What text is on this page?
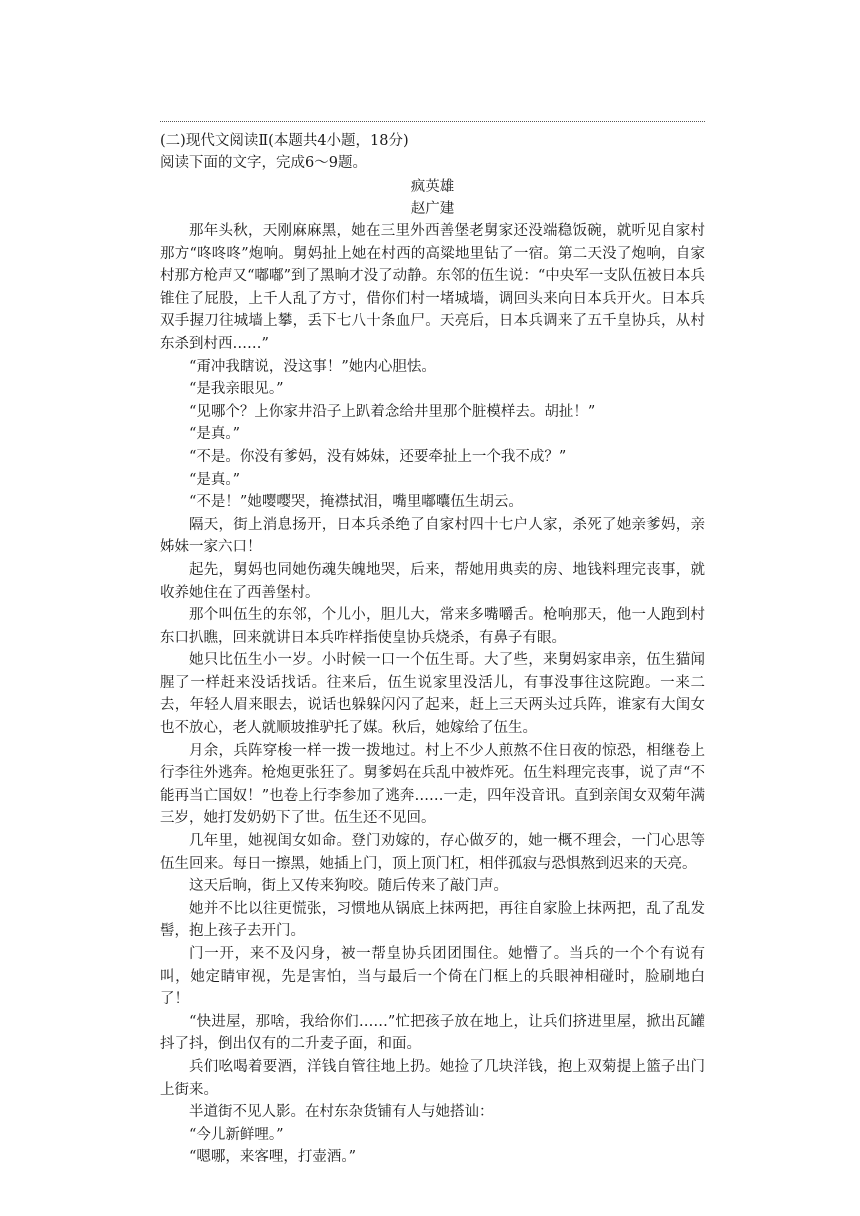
(二)现代文阅读Ⅱ(本题共4小题，18分)
阅读下面的文字，完成6～9题。
疯英雄
赵广建

那年头秋，天刚麻麻黑，她在三里外西善堡老舅家还没端稳饭碗，就听见自家村那方“咚咚咚”炮响。舅妈扯上她在村西的高粱地里钻了一宿。第二天没了炮响，自家村那方枪声又“嘟嘟”到了黑晌才没了动静。东邻的伍生说：“中央军一支队伍被日本兵锥住了屁股，上千人乱了方寸，借你们村一堵城墙，调回头来向日本兵开火。日本兵双手握刀往城墙上攀，丢下七八十条血尸。天亮后，日本兵调来了五千皇协兵，从村东杀到村西……”

“甭冲我瞎说，没这事！”她内心胆怯。

“是我亲眼见。”

“见哪个？上你家井沿子上趴着念给井里那个脏模样去。胡扯！”

“是真。”

“不是。你没有爹妈，没有姊妹，还要牵扯上一个我不成？”

“是真。”

“不是！”她嘤嘤哭，掩襟拭泪，嘴里嘟囔伍生胡云。

隔天，街上消息扬开，日本兵杀绝了自家村四十七户人家，杀死了她亲爹妈，亲姊妹一家六口！

起先，舅妈也同她伤魂失魄地哭，后来，帮她用典卖的房、地钱料理完丧事，就收养她住在了西善堡村。

那个叫伍生的东邻，个儿小，胆儿大，常来多嘴嚼舌。枪响那天，他一人跑到村东口扒瞧，回来就讲日本兵咋样指使皇协兵烧杀，有鼻子有眼。

她只比伍生小一岁。小时候一口一个伍生哥。大了些，来舅妈家串亲，伍生猫闻腥了一样赶来没话找话。往来后，伍生说家里没活儿，有事没事往这院跑。一来二去，年轻人眉来眼去，说话也躲躲闪闪了起来，赶上三天两头过兵阵，谁家有大闺女也不放心，老人就顺坡推驴托了媒。秋后，她嫁给了伍生。

月余，兵阵穿梭一样一拨一拨地过。村上不少人煎熬不住日夜的惊恐，相继卷上行李往外逃奔。枪炮更张狂了。舅爹妈在兵乱中被炸死。伍生料理完丧事，说了声“不能再当亡国奴！”也卷上行李参加了逃奔……一走，四年没音讯。直到亲闺女双菊年满三岁，她打发奶奶下了世。伍生还不见回。

几年里，她视闺女如命。登门劝嫁的，存心做歹的，她一概不理会，一门心思等伍生回来。每日一擦黑，她插上门，顶上顶门杠，相伴孤寂与恐惧熬到迟来的天亮。

这天后晌，街上又传来狗咬。随后传来了敲门声。

她并不比以往更慌张，习惯地从锅底上抹两把，再往自家脸上抹两把，乱了乱发髻，抱上孩子去开门。

门一开，来不及闪身，被一帮皇协兵团团围住。她懵了。当兵的一个个有说有叫，她定睛审视，先是害怕，当与最后一个倚在门框上的兵眼神相碰时，脸刷地白了！

“快进屋，那啥，我给你们……”忙把孩子放在地上，让兵们挤进里屋，掀出瓦罐抖了抖，倒出仅有的二升麦子面，和面。

兵们吆喝着要酒，洋钱自管往地上扔。她捡了几块洋钱，抱上双菊提上篮子出门上街来。

半道街不见人影。在村东杂货铺有人与她搭讪：

“今儿新鲜哩。”

“嗯哪，来客哩，打壶酒。”
